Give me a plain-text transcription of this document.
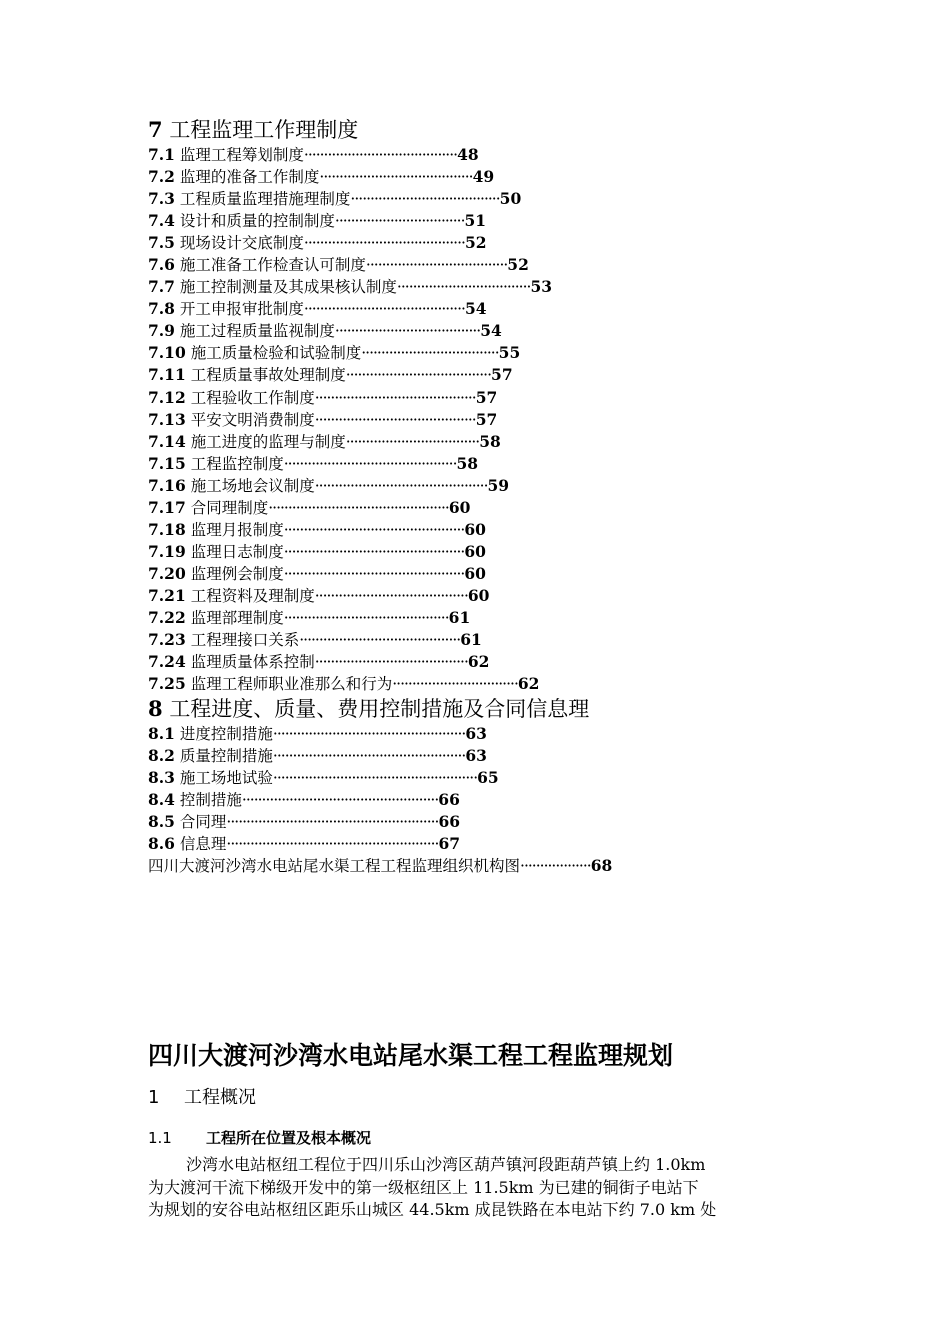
7 工程监理工作理制度
7.1 监理工程筹划制度·······································48
7.2 监理的准备工作制度·······································49
7.3 工程质量监理措施理制度······································50
7.4 设计和质量的控制制度·································51
7.5 现场设计交底制度·········································52
7.6 施工准备工作检查认可制度····································52
7.7 施工控制测量及其成果核认制度··································53
7.8 开工申报审批制度·········································54
7.9 施工过程质量监视制度·····································54
7.10 施工质量检验和试验制度···································55
7.11 工程质量事故处理制度·····································57
7.12 工程验收工作制度·········································57
7.13 平安文明消费制度·········································57
7.14 施工进度的监理与制度··································58
7.15 工程监控制度············································58
7.16 施工场地会议制度············································59
7.17 合同理制度··············································60
7.18 监理月报制度··············································60
7.19 监理日志制度··············································60
7.20 监理例会制度··············································60
7.21 工程资料及理制度·······································60
7.22 监理部理制度··········································61
7.23 工程理接口关系·········································61
7.24 监理质量体系控制·······································62
7.25 监理工程师职业准那么和行为································62
8 工程进度、质量、费用控制措施及合同信息理
8.1 进度控制措施·················································63
8.2 质量控制措施·················································63
8.3 施工场地试验····················································65
8.4 控制措施··················································66
8.5 合同理······················································66
8.6 信息理······················································67
四川大渡河沙湾水电站尾水渠工程工程监理组织机构图··················68
四川大渡河沙湾水电站尾水渠工程工程监理规划
1 工程概况
1.1 工程所在位置及根本概况
沙湾水电站枢纽工程位于四川乐山沙湾区葫芦镇河段距葫芦镇上约 1.0km
为大渡河干流下梯级开发中的第一级枢纽区上 11.5km 为已建的铜街子电站下
为规划的安谷电站枢纽区距乐山城区 44.5km 成昆铁路在本电站下约 7.0 km 处
